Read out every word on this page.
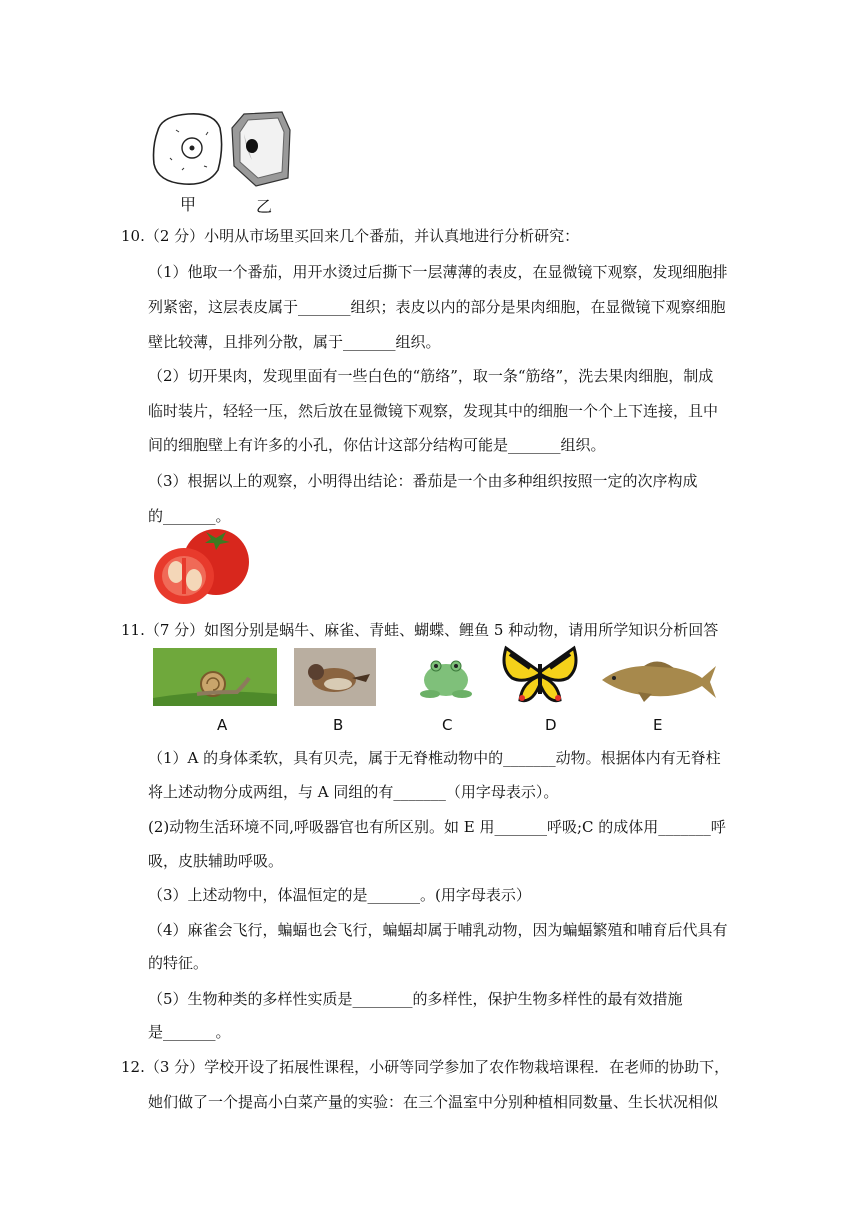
甲	乙
10.（2 分）小明从市场里买回来几个番茄，并认真地进行分析研究：
（1）他取一个番茄，用开水烫过后撕下一层薄薄的表皮，在显微镜下观察，发现细胞排
列紧密，这层表皮属于_______组织；表皮以内的部分是果肉细胞，在显微镜下观察细胞
壁比较薄，且排列分散，属于_______组织。
（2）切开果肉，发现里面有一些白色的“筋络”，取一条“筋络”，洗去果肉细胞，制成
临时装片，轻轻一压，然后放在显微镜下观察，发现其中的细胞一个个上下连接，且中
间的细胞壁上有许多的小孔，你估计这部分结构可能是_______组织。
（3）根据以上的观察，小明得出结论：番茄是一个由多种组织按照一定的次序构成
的_______。
11.（7 分）如图分别是蜗牛、麻雀、青蛙、蝴蝶、鲤鱼 5 种动物，请用所学知识分析回答
A	B	C	D	E
（1）A 的身体柔软，具有贝壳，属于无脊椎动物中的_______动物。根据体内有无脊柱
将上述动物分成两组，与 A 同组的有_______（用字母表示）。
(2)动物生活环境不同,呼吸器官也有所区别。如 E 用_______呼吸;C 的成体用_______呼
吸，皮肤辅助呼吸。
（3）上述动物中，体温恒定的是_______。(用字母表示）
（4）麻雀会飞行，蝙蝠也会飞行，蝙蝠却属于哺乳动物，因为蝙蝠繁殖和哺育后代具有
的特征。
（5）生物种类的多样性实质是________的多样性，保护生物多样性的最有效措施
是_______。
12.（3 分）学校开设了拓展性课程，小研等同学参加了农作物栽培课程．在老师的协助下，
她们做了一个提高小白菜产量的实验：在三个温室中分别种植相同数量、生长状况相似
